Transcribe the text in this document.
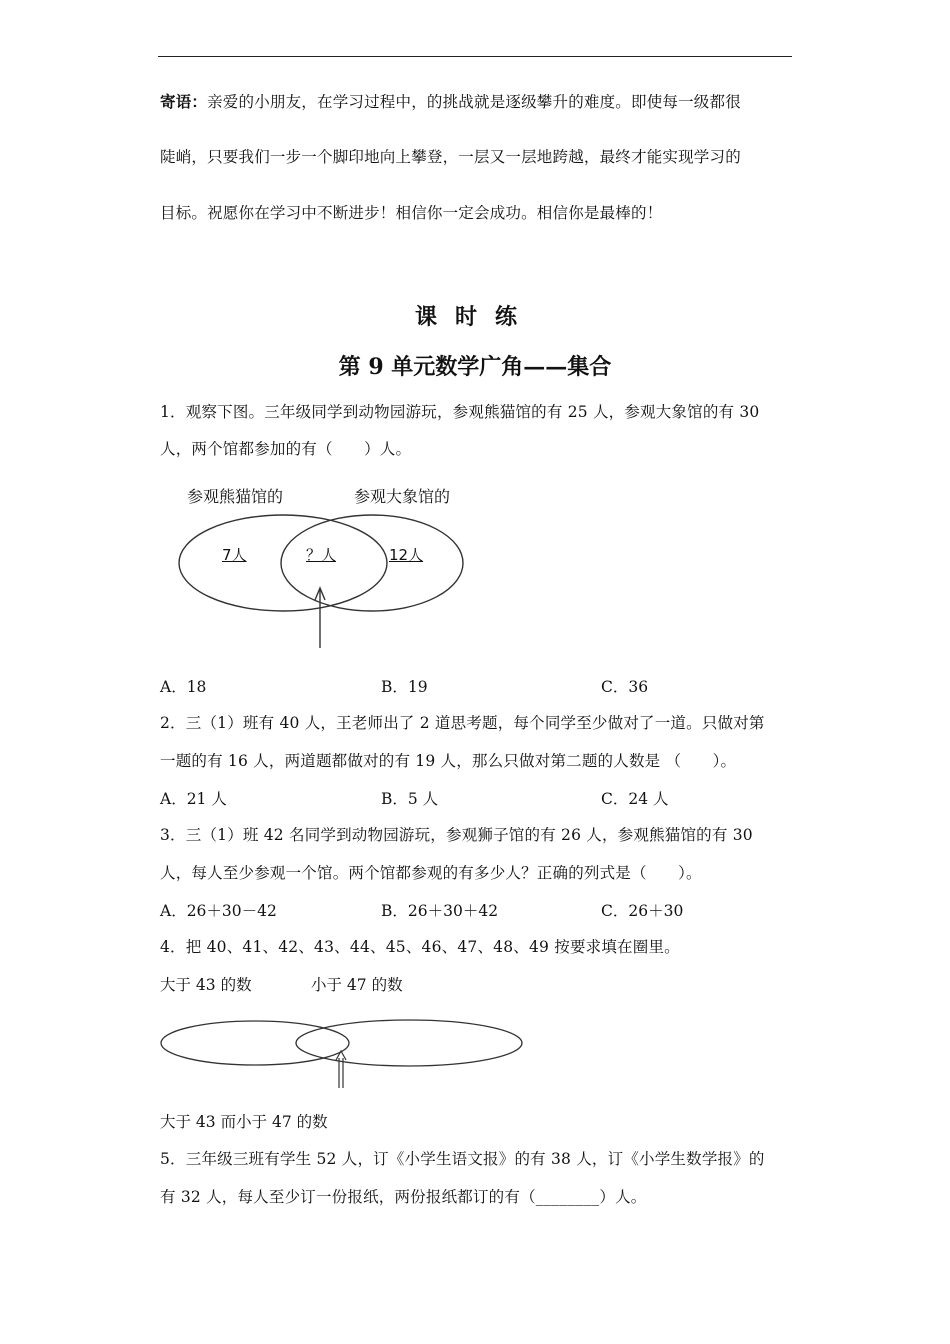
寄语：亲爱的小朋友，在学习过程中，的挑战就是逐级攀升的难度。即使每一级都很
陡峭，只要我们一步一个脚印地向上攀登，一层又一层地跨越，最终才能实现学习的
目标。祝愿你在学习中不断进步！相信你一定会成功。相信你是最棒的！
课时练
第 9 单元数学广角——集合
1．观察下图。三年级同学到动物园游玩，参观熊猫馆的有 25 人，参观大象馆的有 30
人，两个馆都参加的有（　　）人。
参观熊猫馆的	参观大象馆的
7人	？人	12人
A．18	B．19	C．36
2．三（1）班有 40 人，王老师出了 2 道思考题，每个同学至少做对了一道。只做对第
一题的有 16 人，两道题都做对的有 19 人，那么只做对第二题的人数是 （　　）。
A．21 人	B．5 人	C．24 人
3．三（1）班 42 名同学到动物园游玩，参观狮子馆的有 26 人，参观熊猫馆的有 30
人，每人至少参观一个馆。两个馆都参观的有多少人？正确的列式是（　　）。
A．26＋30－42	B．26＋30＋42	C．26＋30
4．把 40、41、42、43、44、45、46、47、48、49 按要求填在圈里。
大于 43 的数	小于 47 的数
大于 43 而小于 47 的数
5．三年级三班有学生 52 人，订《小学生语文报》的有 38 人，订《小学生数学报》的
有 32 人，每人至少订一份报纸，两份报纸都订的有（________）人。
